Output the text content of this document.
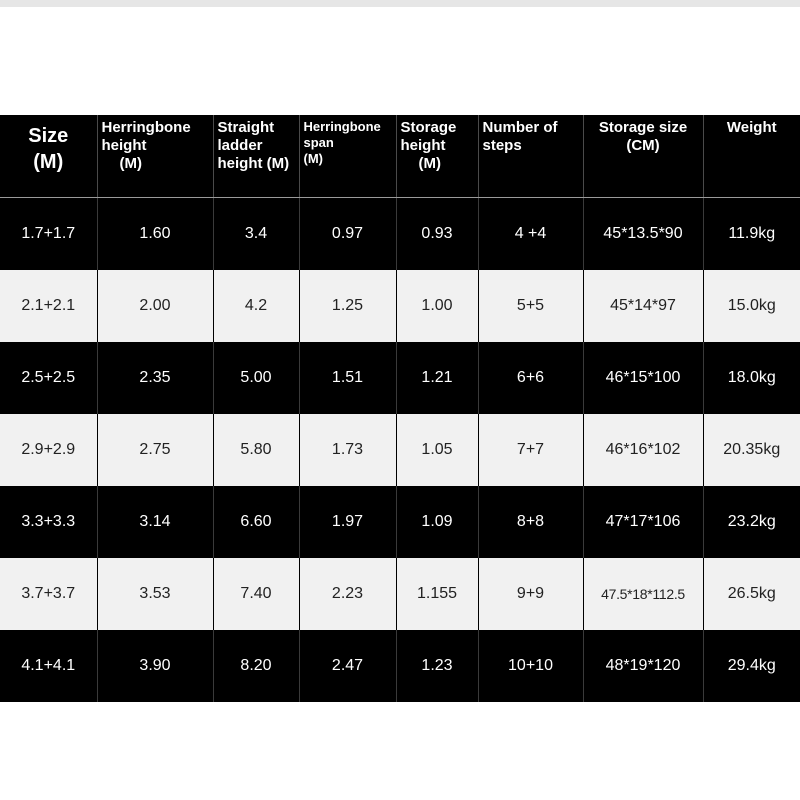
Size
(M)	Herringbone
height
(M)	Straight
ladder
height (M)	Herringbone
span
(M)	Storage
height
(M)	Number of
steps	Storage size
(CM)	Weight

1.7+1.7	1.60	3.4	0.97	0.93	4 +4	45*13.5*90	11.9kg
2.1+2.1	2.00	4.2	1.25	1.00	5+5	45*14*97	15.0kg
2.5+2.5	2.35	5.00	1.51	1.21	6+6	46*15*100	18.0kg
2.9+2.9	2.75	5.80	1.73	1.05	7+7	46*16*102	20.35kg
3.3+3.3	3.14	6.60	1.97	1.09	8+8	47*17*106	23.2kg
3.7+3.7	3.53	7.40	2.23	1.155	9+9	47.5*18*112.5	26.5kg
4.1+4.1	3.90	8.20	2.47	1.23	10+10	48*19*120	29.4kg
